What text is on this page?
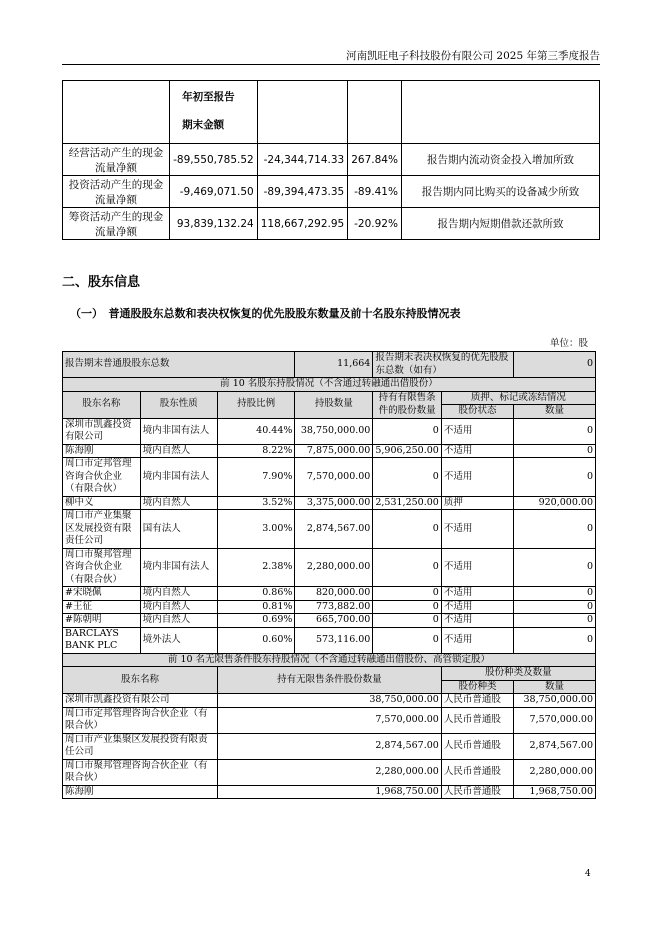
河南凯旺电子科技股份有限公司 2025 年第三季度报告
	年初至报告
期末金额			
经营活动产生的现金流量净额	-89,550,785.52	-24,344,714.33	267.84%	报告期内流动资金投入增加所致
投资活动产生的现金流量净额	-9,469,071.50	-89,394,473.35	-89.41%	报告期内同比购买的设备减少所致
筹资活动产生的现金流量净额	93,839,132.24	118,667,292.95	-20.92%	报告期内短期借款还款所致
二、股东信息
（一）　普通股股东总数和表决权恢复的优先股股东数量及前十名股东持股情况表
单位：股
报告期末普通股股东总数			11,664	报告期末表决权恢复的优先股股东总数（如有）		0
前 10 名股东持股情况（不含通过转融通出借股份）						
股东名称	股东性质	持股比例	持股数量	持有有限售条件的股份数量	质押、标记或冻结情况	
					股份状态	数量
深圳市凯鑫投资有限公司	境内非国有法人	40.44%	38,750,000.00	0	不适用	0
陈海刚	境内自然人	8.22%	7,875,000.00	5,906,250.00	不适用	0
周口市定邦管理咨询合伙企业（有限合伙）	境内非国有法人	7.90%	7,570,000.00	0	不适用	0
柳中义	境内自然人	3.52%	3,375,000.00	2,531,250.00	质押	920,000.00
周口市产业集聚区发展投资有限责任公司	国有法人	3.00%	2,874,567.00	0	不适用	0
周口市聚邦管理咨询合伙企业（有限合伙）	境内非国有法人	2.38%	2,280,000.00	0	不适用	0
#宋晓佩	境内自然人	0.86%	820,000.00	0	不适用	0
#王征	境内自然人	0.81%	773,882.00	0	不适用	0
#陈朝明	境内自然人	0.69%	665,700.00	0	不适用	0
BARCLAYS BANK PLC	境外法人	0.60%	573,116.00	0	不适用	0
前 10 名无限售条件股东持股情况（不含通过转融通出借股份、高管锁定股）						
股东名称		持有无限售条件股份数量			股份种类及数量	
					股份种类	数量
深圳市凯鑫投资有限公司		38,750,000.00			人民币普通股	38,750,000.00
周口市定邦管理咨询合伙企业（有限合伙）		7,570,000.00			人民币普通股	7,570,000.00
周口市产业集聚区发展投资有限责任公司		2,874,567.00			人民币普通股	2,874,567.00
周口市聚邦管理咨询合伙企业（有限合伙）		2,280,000.00			人民币普通股	2,280,000.00
陈海刚		1,968,750.00			人民币普通股	1,968,750.00
4
